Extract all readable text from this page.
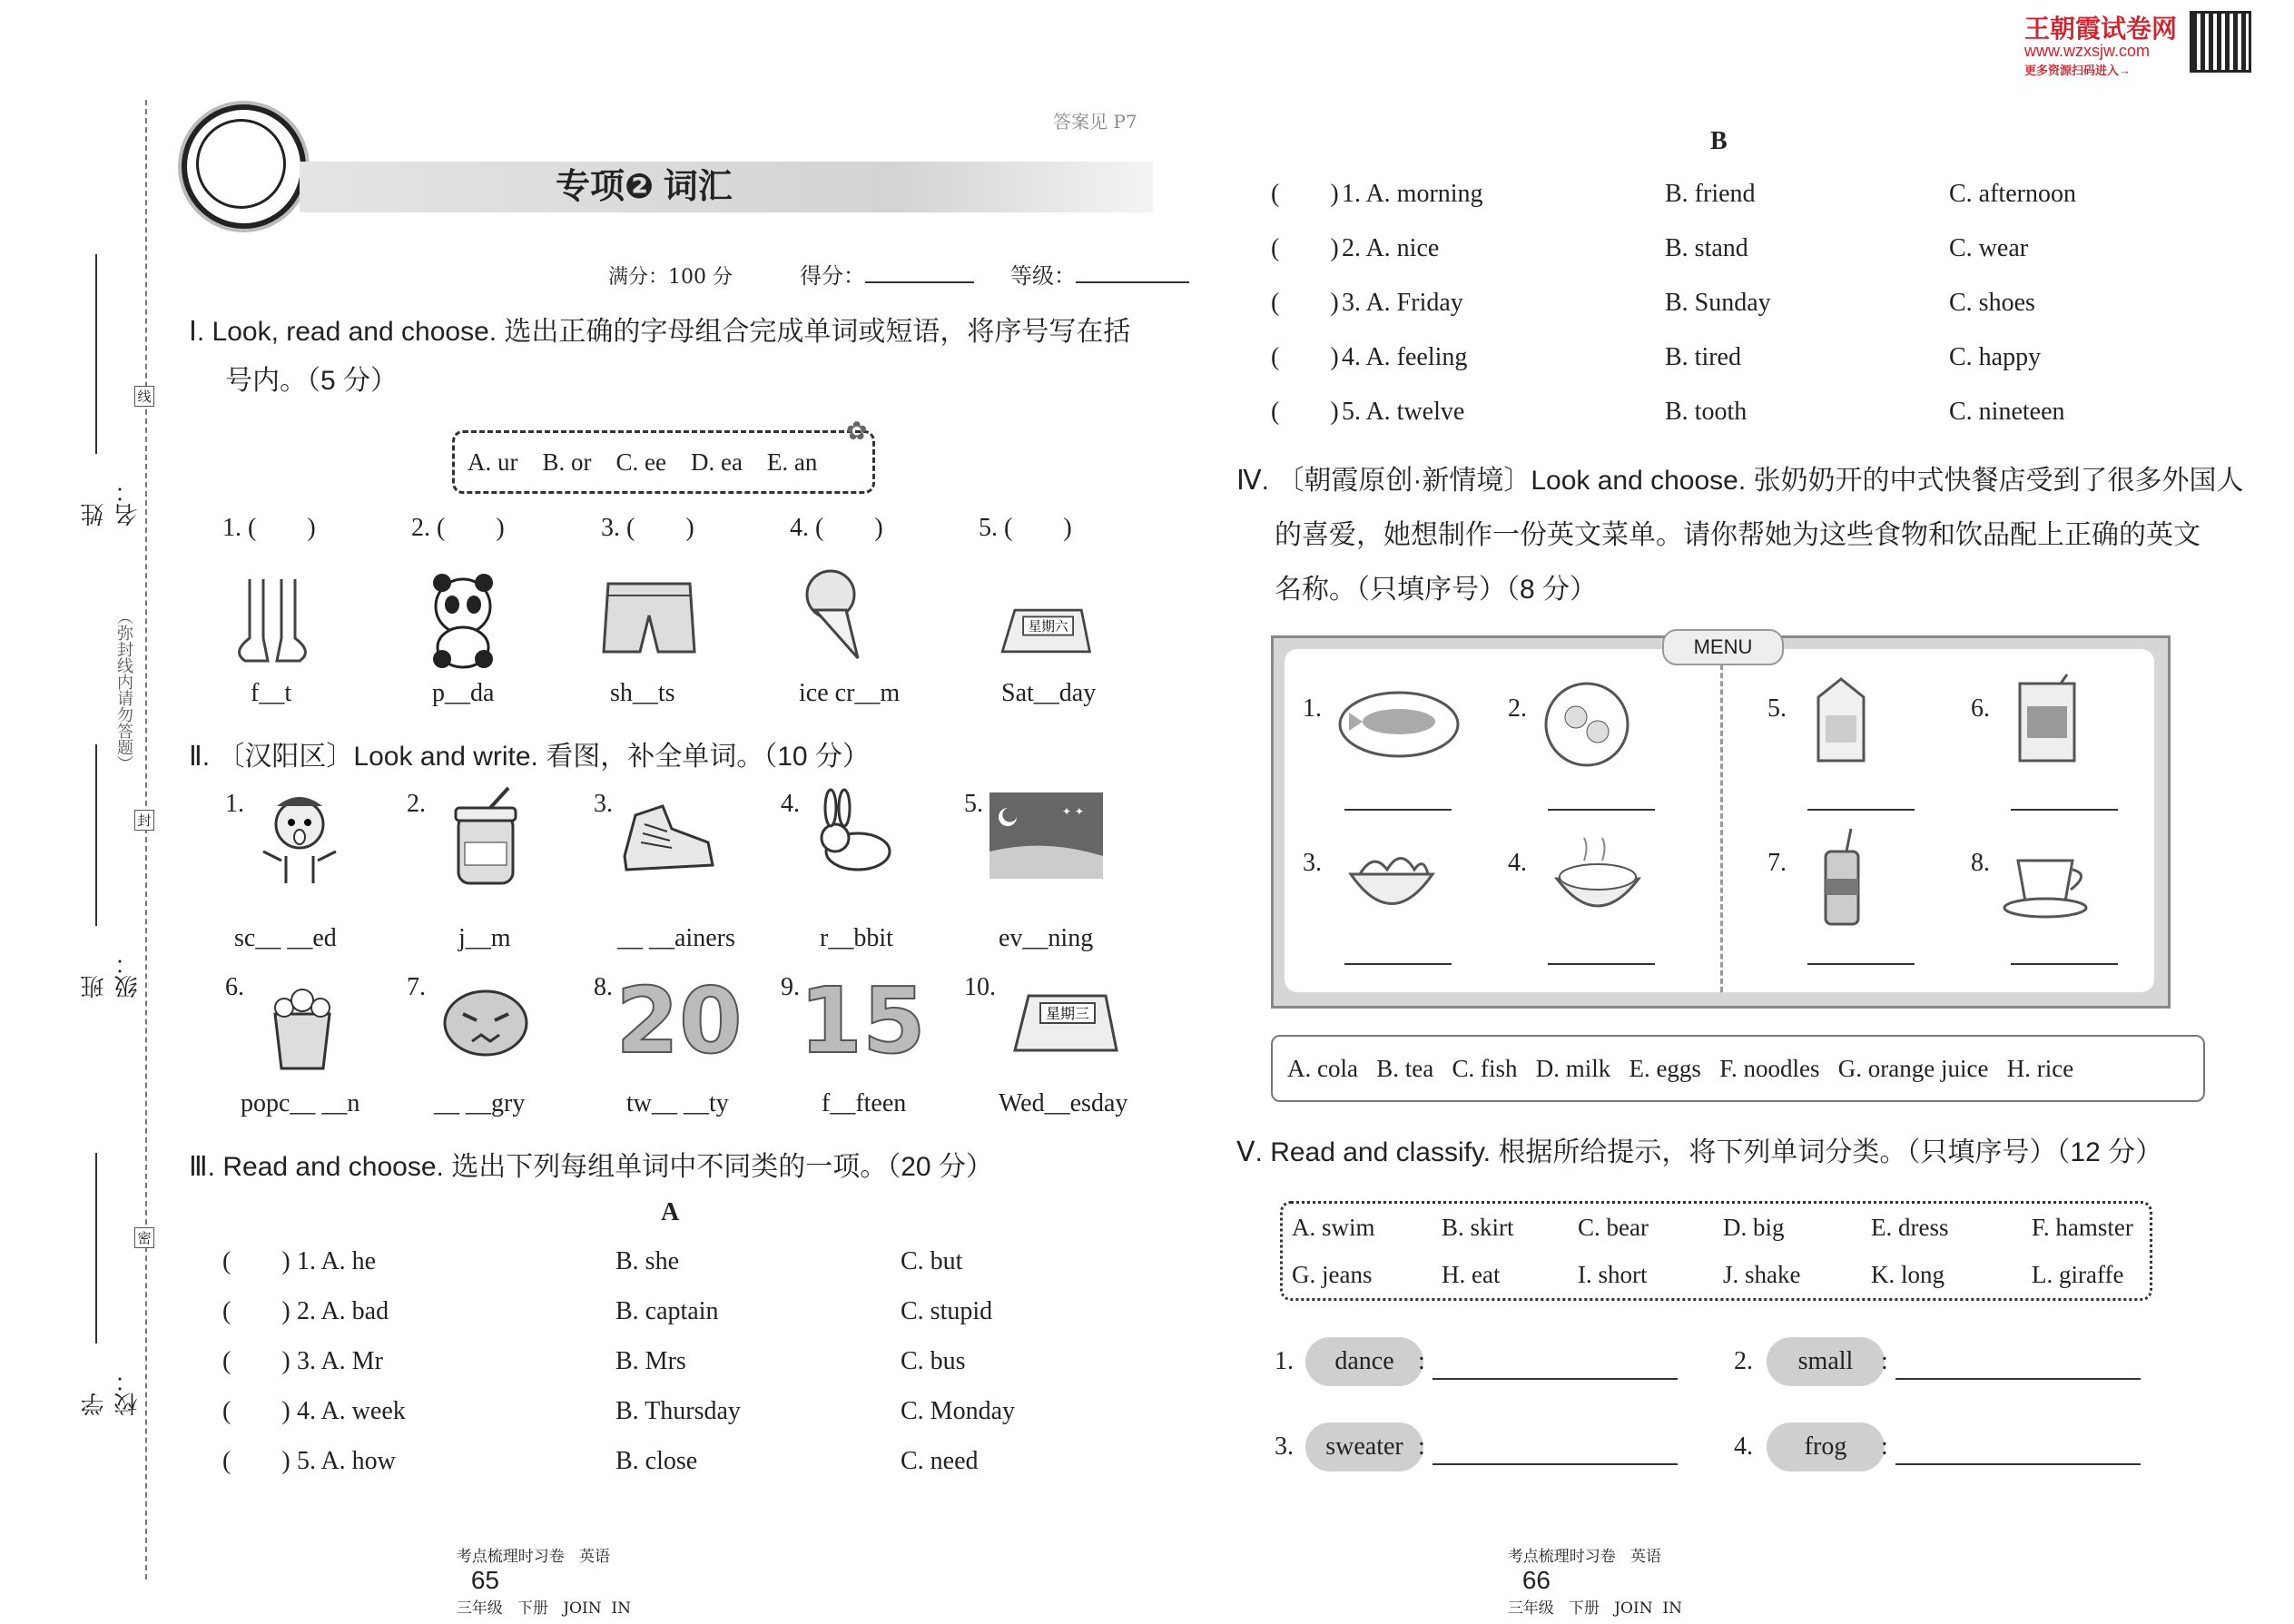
王朝霞试卷网
www.wzxsjw.com
更多资源扫码进入→
姓名：
班级：
学校：
（弥封线内请勿答题）
线
封
密
答案见 P7
专项❷ 词汇
满分：100 分	得分：	等级：
Ⅰ. Look, read and choose. 选出正确的字母组合完成单词或短语，将序号写在括
号内。（5 分）
A. ur    B. or    C. ee    D. ea    E. an
✿
1. (        )	2. (        )	3. (        )	4. (        )	5. (        )
星期六
f__t	p__da	sh__ts	ice cr__m	Sat__day
Ⅱ. 〔汉阳区〕Look and write. 看图，补全单词。（10 分）
1.	2.	3.	4.	5.	✦ ✦
sc__ __ed	j__m	__ __ainers	r__bbit	ev__ning
6.	7.	8.	9.	10.
20 15	星期三
popc__ __n	__ __gry	tw__ __ty	f__fteen	Wed__esday
Ⅲ. Read and choose. 选出下列每组单词中不同类的一项。（20 分）
A
(        ) 1. A. he	B. she	C. but
(        ) 2. A. bad	B. captain	C. stupid
(        ) 3. A. Mr	B. Mrs	C. bus
(        ) 4. A. week	B. Thursday	C. Monday
(        ) 5. A. how	B. close	C. need

考点梳理时习卷   英语
65
三年级   下册   JOIN  IN

B
(        ) 1. A. morning	B. friend	C. afternoon
(        ) 2. A. nice	B. stand	C. wear
(        ) 3. A. Friday	B. Sunday	C. shoes
(        ) 4. A. feeling	B. tired	C. happy
(        ) 5. A. twelve	B. tooth	C. nineteen
Ⅳ. 〔朝霞原创·新情境〕Look and choose. 张奶奶开的中式快餐店受到了很多外国人
的喜爱，她想制作一份英文菜单。请你帮她为这些食物和饮品配上正确的英文
名称。（只填序号）（8 分）
MENU
1.	2.	5.	6.
3.	4.	7.	8.
A. cola   B. tea   C. fish   D. milk   E. eggs   F. noodles   G. orange juice   H. rice
Ⅴ. Read and classify. 根据所给提示，将下列单词分类。（只填序号）（12 分）
A. swim	B. skirt	C. bear	D. big	E. dress	F. hamster
G. jeans	H. eat	I. short	J. shake	K. long	L. giraffe
1.	dance :	2.	small	:
3.	sweater :	4.	frog	:

考点梳理时习卷   英语
66
三年级   下册   JOIN  IN
